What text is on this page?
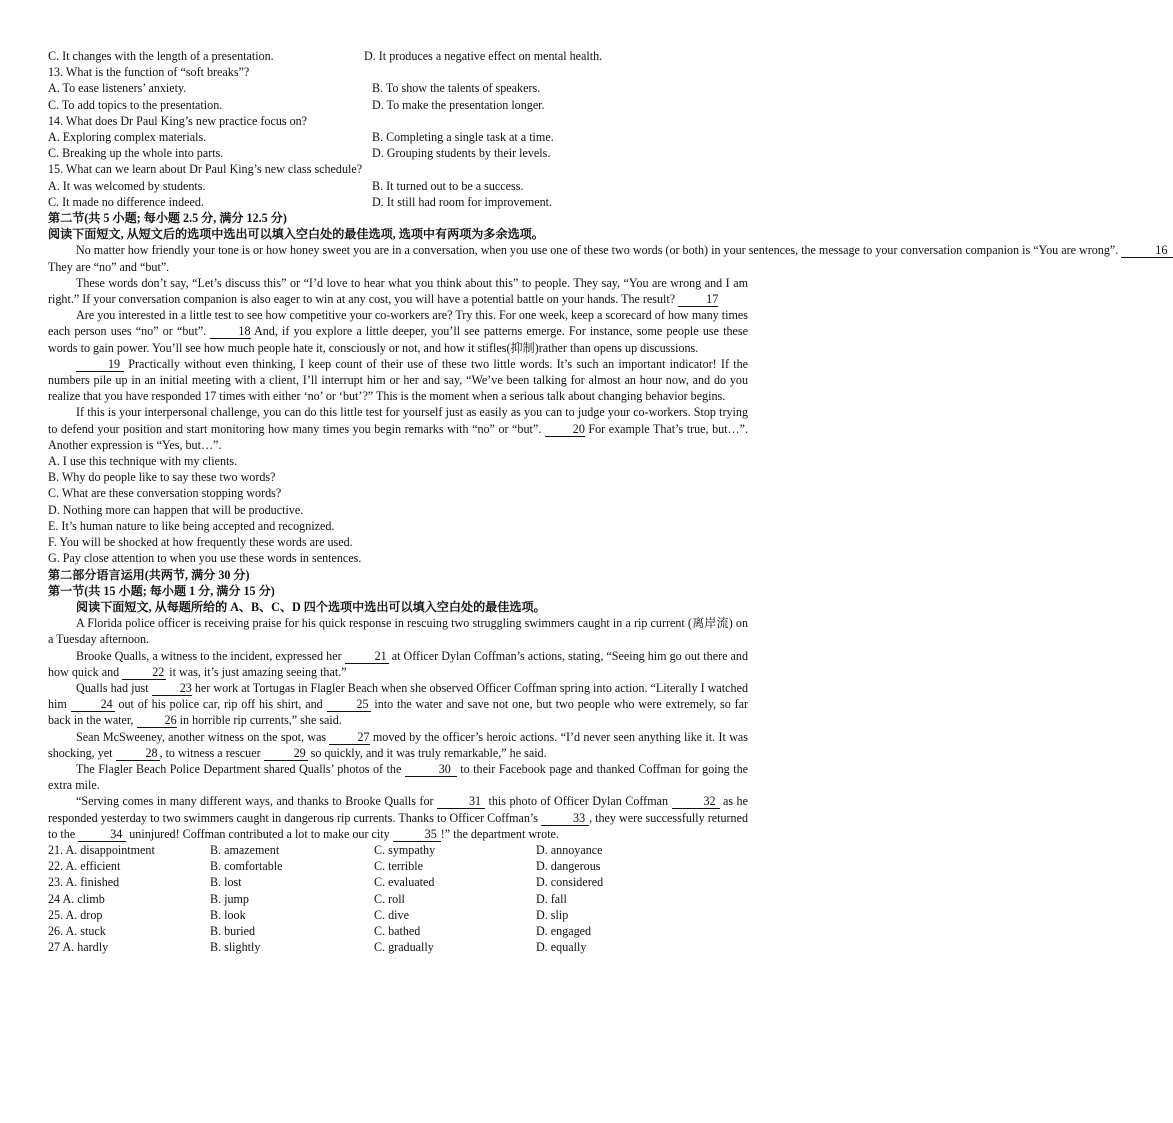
C. It changes with the length of a presentation.	D. It produces a negative effect on mental health.
13. What is the function of “soft breaks”?
A. To ease listeners’ anxiety.	B. To show the talents of speakers.
C. To add topics to the presentation.	D. To make the presentation longer.
14. What does Dr Paul King’s new practice focus on?
A. Exploring complex materials.	B. Completing a single task at a time.
C. Breaking up the whole into parts.	D. Grouping students by their levels.
15. What can we learn about Dr Paul King’s new class schedule?
A. It was welcomed by students.	B. It turned out to be a success.
C. It made no difference indeed.	D. It still had room for improvement.
第二节(共 5 小题; 每小题 2.5 分, 满分 12.5 分)
阅读下面短文, 从短文后的选项中选出可以填入空白处的最佳选项, 选项中有两项为多余选项。
No matter how friendly your tone is or how honey sweet you are in a conversation, when you use one of these two words (or both) in your sentences, the message to your conversation companion is “You are wrong”.	16 They are “no” and “but”.
These words don’t say, “Let’s discuss this” or “I’d love to hear what you think about this” to people. They say, “You are wrong and I am right.” If your conversation companion is also eager to win at any cost, you will have a potential battle on your hands. The result? 17
Are you interested in a little test to see how competitive your co-workers are? Try this. For one week, keep a scorecard of how many times each person uses “no” or “but”. 18 And, if you explore a little deeper, you’ll see patterns emerge. For instance, some people use these words to gain power. You’ll see how much people hate it, consciously or not, and how it stifles(抑制)rather than opens up discussions.
19 Practically without even thinking, I keep count of their use of these two little words. It’s such an important indicator! If the numbers pile up in an initial meeting with a client, I’ll interrupt him or her and say, “We’ve been talking for almost an hour now, and do you realize that you have responded 17 times with either ‘no’ or ‘but’?” This is the moment when a serious talk about changing behavior begins.
If this is your interpersonal challenge, you can do this little test for yourself just as easily as you can to judge your co-workers. Stop trying to defend your position and start monitoring how many times you begin remarks with “no” or “but”. 20 For example That’s true, but…”. Another expression is “Yes, but…”.
A. I use this technique with my clients.
B. Why do people like to say these two words?
C. What are these conversation stopping words?
D. Nothing more can happen that will be productive.
E. It’s human nature to like being accepted and recognized.
F. You will be shocked at how frequently these words are used.
G. Pay close attention to when you use these words in sentences.
第二部分语言运用(共两节, 满分 30 分)
第一节(共 15 小题; 每小题 1 分, 满分 15 分)
阅读下面短文, 从每题所给的 A、B、C、D 四个选项中选出可以填入空白处的最佳选项。
A Florida police officer is receiving praise for his quick response in rescuing two struggling swimmers caught in a rip current (离岸流) on a Tuesday afternoon.
Brooke Qualls, a witness to the incident, expressed her 21 at Officer Dylan Coffman’s actions, stating, “Seeing him go out there and how quick and 22 it was, it’s just amazing seeing that.”
Qualls had just 23 her work at Tortugas in Flagler Beach when she observed Officer Coffman spring into action. “Literally I watched him 24 out of his police car, rip off his shirt, and 25 into the water and save not one, but two people who were extremely, so far back in the water, 26 in horrible rip currents,” she said.
Sean McSweeney, another witness on the spot, was 27 moved by the officer’s heroic actions. “I’d never seen anything like it. It was shocking, yet 28 , to witness a rescuer 29 so quickly, and it was truly remarkable,” he said.
The Flagler Beach Police Department shared Qualls’ photos of the	30 to their Facebook page and thanked Coffman for going the extra mile.
“Serving comes in many different ways, and thanks to Brooke Qualls for	31 this photo of Officer Dylan Coffman	32 as he responded yesterday to two swimmers caught in dangerous rip currents. Thanks to Officer Coffman’s	33 , they were successfully returned to the	34 uninjured! Coffman contributed a lot to make our city	35 !” the department wrote.
21. A. disappointment	B. amazement	C. sympathy	D. annoyance
22. A. efficient	B. comfortable	C. terrible	D. dangerous
23. A. finished	B. lost	C. evaluated	D. considered
24 A. climb	B. jump	C. roll	D. fall
25. A. drop	B. look	C. dive	D. slip
26. A. stuck	B. buried	C. bathed	D. engaged
27 A. hardly	B. slightly	C. gradually	D. equally
